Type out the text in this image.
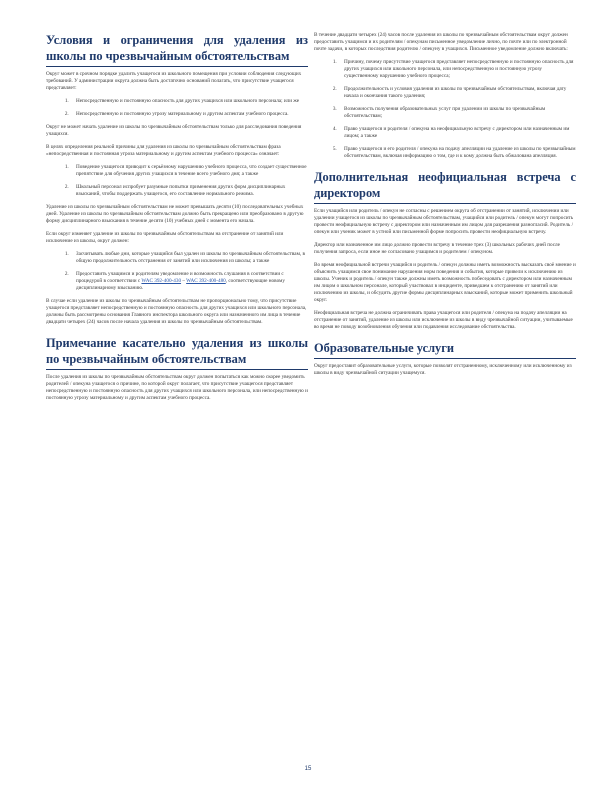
Условия и ограничения для удаления из школы по чрезвычайным обстоятельствам

Округ может в срочном порядке удалить учащегося из школьного помещения при условии соблюдения следующих требований. У администрации округа должна быть достаточно оснований полагать, что присутствие учащегося представляет:

1. Непосредственную и постоянную опасность для других учащихся или школьного персонала; или же
2. Непосредственную и постоянную угрозу материальному и другим аспектам учебного процесса.

Округ не может начать удаление из школы по чрезвычайным обстоятельствам только для расследования поведения учащихся.

В целях определения реальной причины для удаления из школы по чрезвычайным обстоятельствам фраза «непосредственная и постоянная угроза материальному и другим аспектам учебного процесса» означает:

1. Поведение учащегося приводит к серьёзному нарушению учебного процесса, что создает существенное препятствие для обучения других учащихся в течение всего учебного дня; а также
2. Школьный персонал испробует разумные попытки применения других форм дисциплинарных взысканий, чтобы поддержать учащегося, его составление нормального режима.

Удаление из школы по чрезвычайным обстоятельствам не может превышать десяти (10) последовательных учебных дней. Удаление из школы по чрезвычайным обстоятельствам должно быть прекращено или преобразовано в другую форму дисциплинарного взыскания в течение десяти (10) учебных дней с момента его начала.

Если округ изменяет удаление из школы по чрезвычайным обстоятельствам на отстранение от занятий или исключение из школы, округ должен:

1. Засчитывать любые дни, которые учащийся был удален из школы по чрезвычайным обстоятельствам, в общую продолжительность отстранения от занятий или исключения из школы; а также
2. Предоставить учащимся и родителям уведомление и возможность слушания в соответствии с процедурой в соответствии с WAC 392-400-430 – WAC 392-400-480, соответствующие новому дисциплинарному взысканию.

В случае если удаление из школы по чрезвычайным обстоятельствам не пропорционально тому, что присутствие учащегося представляет непосредственную и постоянную опасность для других учащихся или школьного персонала, должны быть рассмотрены основания Главного инспектора школьного округа или назначенного им лица в течение двадцати четырех (24) часов после начала удаления из школы по чрезвычайным обстоятельствам.

Примечание касательно удаления из школы по чрезвычайным обстоятельствам

После удаления из школы по чрезвычайным обстоятельствам округ должен попытаться как можно скорее уведомить родителей / опекуна учащегося о причине, по которой округ полагает, что присутствие учащегося представляет непосредственную и постоянную опасность для других учащихся или школьного персонала, или непосредственную и постоянную угрозу материальному и другим аспектам учебного процесса.

В течение двадцати четырех (24) часов после удаления из школы по чрезвычайным обстоятельствам округ должен предоставить учащимся и их родителям / опекунам письменное уведомление лично, по почте или по электронной почте задачи, в которых последствия родителю / опекуну в учащихся. Письменное уведомление должно включать:

1. Причину, почему присутствие учащегося представляет непосредственную и постоянную опасность для других учащихся или школьного персонала, или непосредственную и постоянную угрозу существенному нарушению учебного процесса;
2. Продолжительность и условия удаления из школы по чрезвычайным обстоятельствам, включая дату начала и окончания такого удаления;
3. Возможность получения образовательных услуг при удалении из школы по чрезвычайным обстоятельствам;
4. Право учащегося и родителя / опекуна на неофициальную встречу с директором или назначенным им лицом; а также
5. Право учащегося и его родителя / опекуна на подачу апелляции на удаление из школы по чрезвычайным обстоятельствам, включая информацию о том, где и к кому должна быть обжалована апелляция.
Дополнительная неофициальная встреча с директором

Если учащийся или родитель / опекун не согласны с решением округа об отстранении от занятий, исключении или удалении учащегося из школы по чрезвычайным обстоятельствам, учащийся или родитель / опекун могут попросить провести неофициальную встречу с директором или назначенным им лицом для разрешения разногласий. Родитель / опекун или ученик может в устной или письменной форме попросить провести неофициальную встречу.

Директор или назначенное им лицо должно провести встречу в течение трех (3) школьных рабочих дней после получения запроса, если иное не согласовано учащимся и родителем / опекуном.

Во время неофициальной встречи учащийся и родитель / опекун должны иметь возможность высказать своё мнение и объяснить учащимся свое понимание нарушения норм поведения и события, которые привели к исключению из школы. Ученик и родитель / опекун также должны иметь возможность побеседовать с директором или назначенным им лицом о школьном персонале, который участвовал в инциденте, приведшем к отстранению от занятий или исключению из школы, и обсудить другие формы дисциплинарных взысканий, которые может применить школьный округ.

Неофициальная встреча не должна ограничивать права учащегося или родителя / опекуна на подачу апелляции на отстранение от занятий, удаление из школы или исключение из школы в виду чрезвычайной ситуации, учитываемые во время не поводу возобновления обучения или подавления исследование обстоятельства.

Образовательные услуги

Округ предоставит образовательные услуги, которые позволят отстраненному, исключенному или исключенному из школы в виду чрезвычайной ситуации учащемуся.

15
